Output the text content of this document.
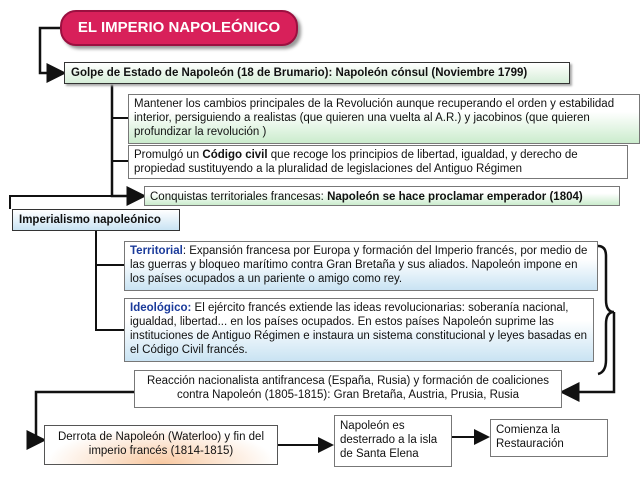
EL IMPERIO NAPOLEÓNICO
Golpe de Estado de Napoleón (18 de Brumario): Napoleón cónsul (Noviembre 1799)
Mantener los cambios principales de la Revolución aunque recuperando el orden y estabilidad interior, persiguiendo a realistas (que quieren una vuelta al A.R.) y jacobinos (que quieren profundizar la revolución )
Promulgó un Código civil que recoge los principios de libertad, igualdad, y derecho de propiedad sustituyendo a la pluralidad de legislaciones del Antiguo Régimen
Conquistas territoriales francesas: Napoleón se hace proclamar emperador (1804)
Imperialismo napoleónico
Territorial: Expansión francesa por Europa y formación del Imperio francés, por medio de las guerras y bloqueo marítimo contra Gran Bretaña y sus aliados. Napoleón impone en los países ocupados a un pariente o amigo como rey.
Ideológico: El ejército francés extiende las ideas revolucionarias: soberanía nacional, igualdad, libertad... en los países ocupados. En estos países Napoleón suprime las instituciones de Antiguo Régimen e instaura un sistema constitucional y leyes basadas en el Código Civil francés.
Reacción nacionalista antifrancesa (España, Rusia) y formación de coaliciones contra Napoleón (1805-1815): Gran Bretaña, Austria, Prusia, Rusia
Derrota de Napoleón (Waterloo) y fin del imperio francés (1814-1815)
Napoleón es desterrado a la isla de Santa Elena
Comienza la Restauración
